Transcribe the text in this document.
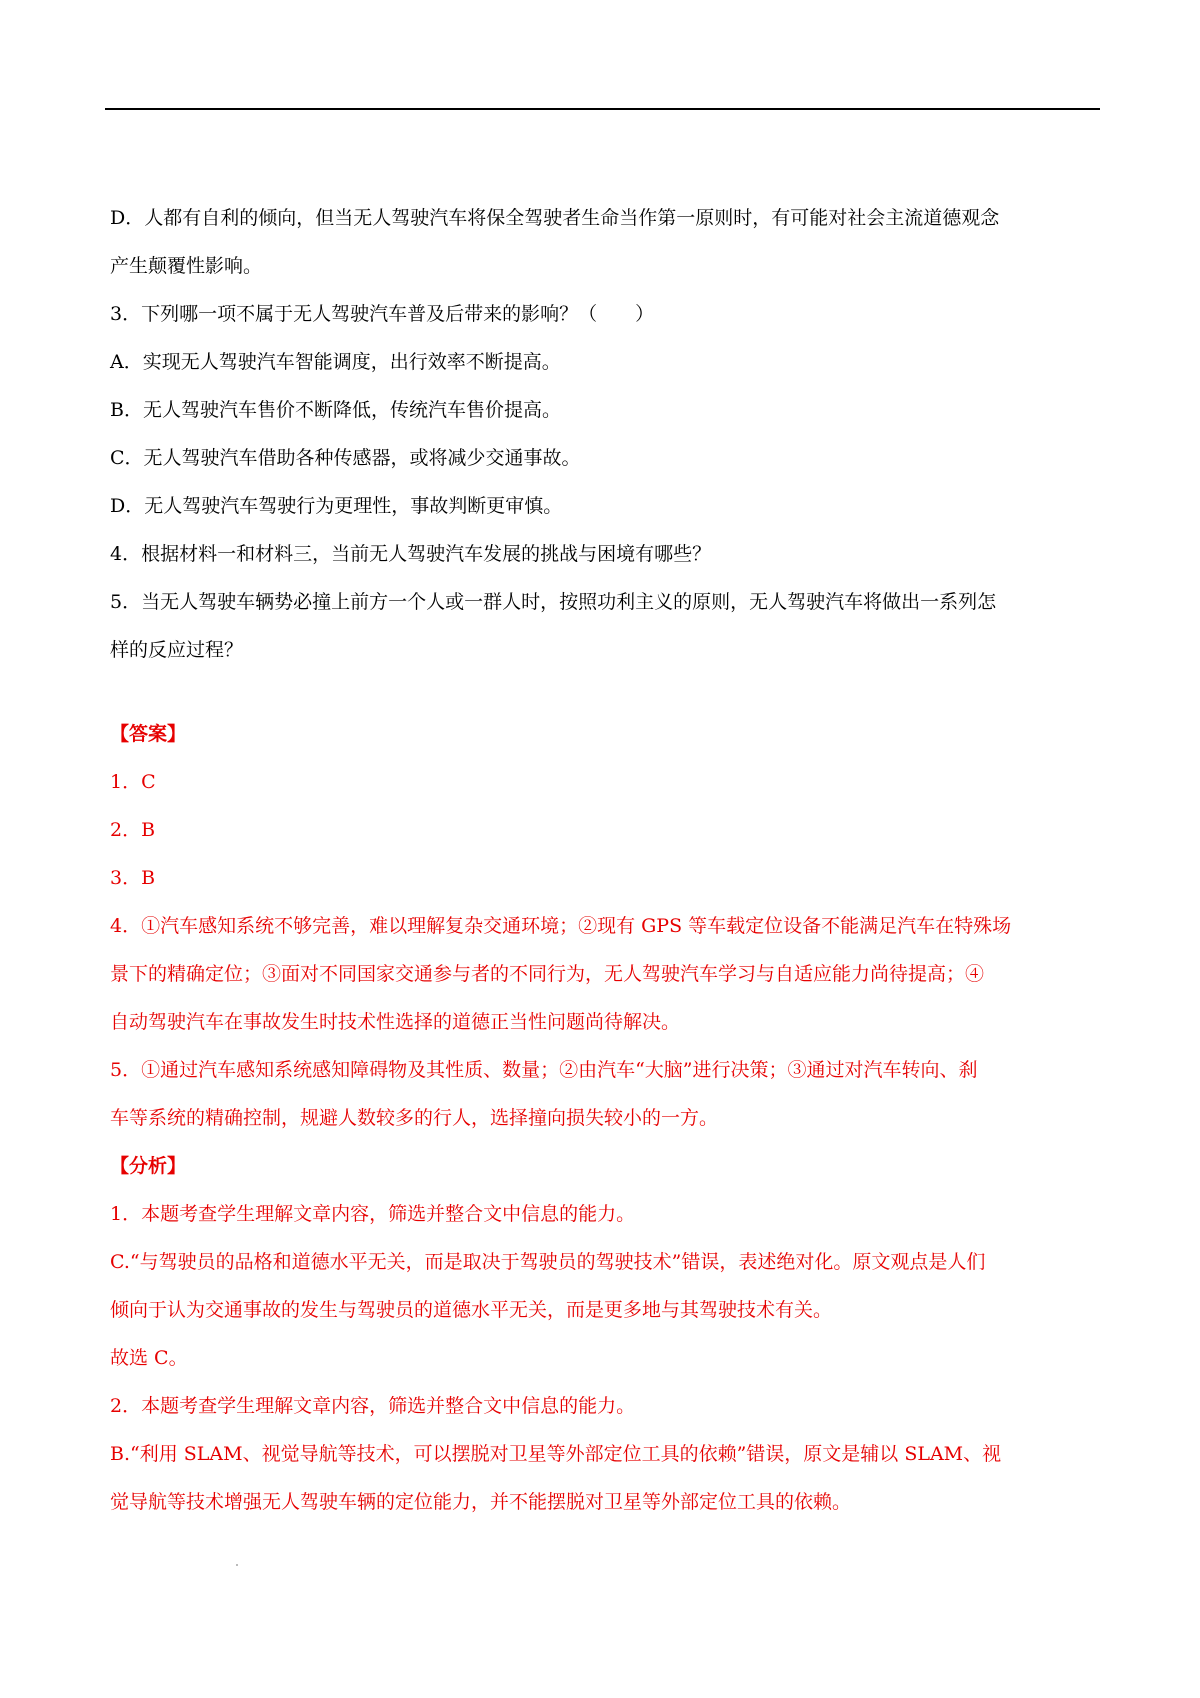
D．人都有自利的倾向，但当无人驾驶汽车将保全驾驶者生命当作第一原则时，有可能对社会主流道德观念
产生颠覆性影响。
3．下列哪一项不属于无人驾驶汽车普及后带来的影响？（　　）
A．实现无人驾驶汽车智能调度，出行效率不断提高。
B．无人驾驶汽车售价不断降低，传统汽车售价提高。
C．无人驾驶汽车借助各种传感器，或将减少交通事故。
D．无人驾驶汽车驾驶行为更理性，事故判断更审慎。
4．根据材料一和材料三，当前无人驾驶汽车发展的挑战与困境有哪些？
5．当无人驾驶车辆势必撞上前方一个人或一群人时，按照功利主义的原则，无人驾驶汽车将做出一系列怎
样的反应过程？
【答案】
1．C
2．B
3．B
4．①汽车感知系统不够完善，难以理解复杂交通环境；②现有 GPS 等车载定位设备不能满足汽车在特殊场
景下的精确定位；③面对不同国家交通参与者的不同行为，无人驾驶汽车学习与自适应能力尚待提高；④
自动驾驶汽车在事故发生时技术性选择的道德正当性问题尚待解决。
5．①通过汽车感知系统感知障碍物及其性质、数量；②由汽车“大脑”进行决策；③通过对汽车转向、刹
车等系统的精确控制，规避人数较多的行人，选择撞向损失较小的一方。
【分析】
1．本题考查学生理解文章内容，筛选并整合文中信息的能力。
C.“与驾驶员的品格和道德水平无关，而是取决于驾驶员的驾驶技术”错误，表述绝对化。原文观点是人们
倾向于认为交通事故的发生与驾驶员的道德水平无关，而是更多地与其驾驶技术有关。
故选 C。
2．本题考查学生理解文章内容，筛选并整合文中信息的能力。
B.“利用 SLAM、视觉导航等技术，可以摆脱对卫星等外部定位工具的依赖”错误，原文是辅以 SLAM、视
觉导航等技术增强无人驾驶车辆的定位能力，并不能摆脱对卫星等外部定位工具的依赖。
